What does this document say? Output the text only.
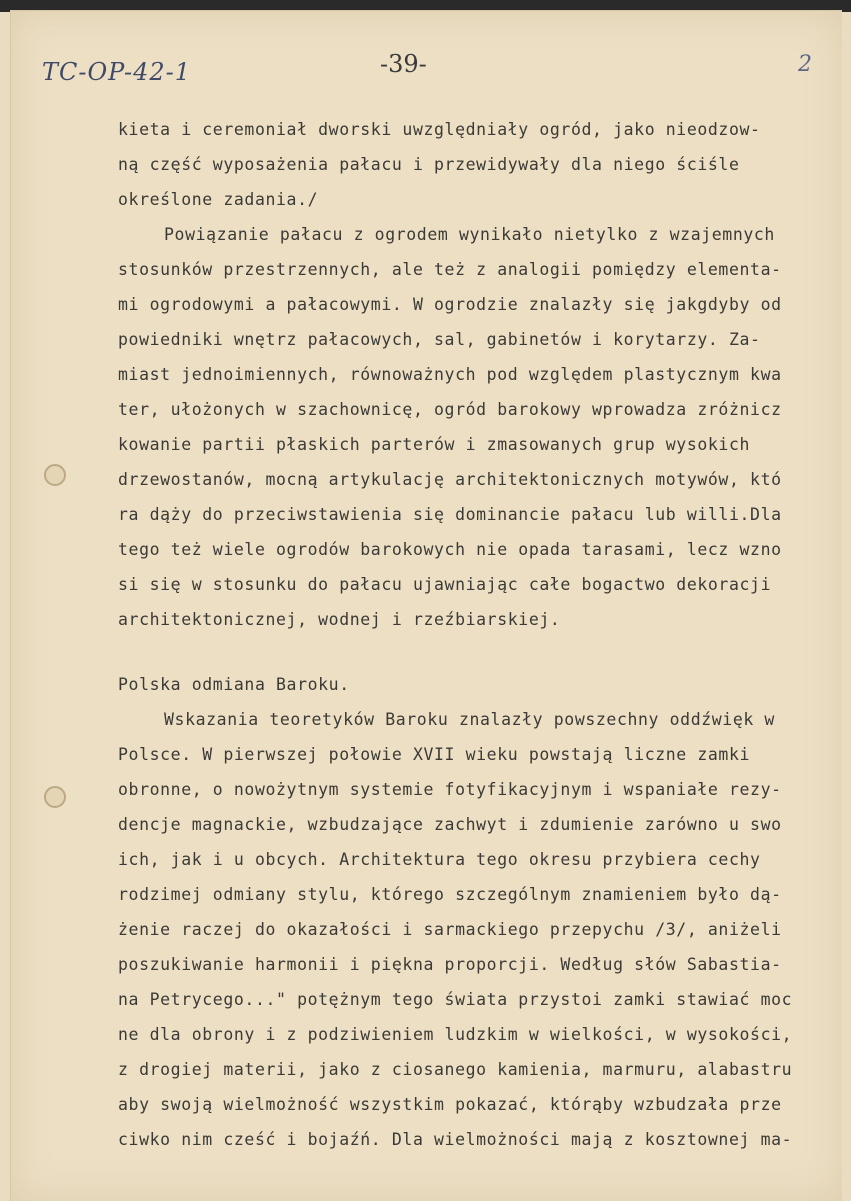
TC-OP-42-1	-39-	2
kieta i ceremoniał dworski uwzględniały ogród, jako nieodzow-
ną część wyposażenia pałacu i przewidywały dla niego ściśle
określone zadania./
Powiązanie pałacu z ogrodem wynikało nietylko z wzajemnych
stosunków przestrzennych, ale też z analogii pomiędzy elementa-
mi ogrodowymi a pałacowymi. W ogrodzie znalazły się jakgdyby od
powiedniki wnętrz pałacowych, sal, gabinetów i korytarzy. Za-
miast jednoimiennych, równoważnych pod względem plastycznym kwa
ter, ułożonych w szachownicę, ogród barokowy wprowadza zróżnicz
kowanie partii płaskich parterów i zmasowanych grup wysokich
drzewostanów, mocną artykulację architektonicznych motywów, któ
ra dąży do przeciwstawienia się dominancie pałacu lub willi.Dla
tego też wiele ogrodów barokowych nie opada tarasami, lecz wzno
si się w stosunku do pałacu ujawniając całe bogactwo dekoracji
architektonicznej, wodnej i rzeźbiarskiej.
Polska odmiana Baroku.
Wskazania teoretyków Baroku znalazły powszechny oddźwięk w
Polsce. W pierwszej połowie XVII wieku powstają liczne zamki
obronne, o nowożytnym systemie fotyfikacyjnym i wspaniałe rezy-
dencje magnackie, wzbudzające zachwyt i zdumienie zarówno u swo
ich, jak i u obcych. Architektura tego okresu przybiera cechy
rodzimej odmiany stylu, którego szczególnym znamieniem było dą-
żenie raczej do okazałości i sarmackiego przepychu /3/, aniżeli
poszukiwanie harmonii i piękna proporcji. Według słów Sabastia-
na Petrycego..." potężnym tego świata przystoi zamki stawiać moc
ne dla obrony i z podziwieniem ludzkim w wielkości, w wysokości,
z drogiej materii, jako z ciosanego kamienia, marmuru, alabastru
aby swoją wielmożność wszystkim pokazać, którąby wzbudzała prze
ciwko nim cześć i bojaźń. Dla wielmożności mają z kosztownej ma-
